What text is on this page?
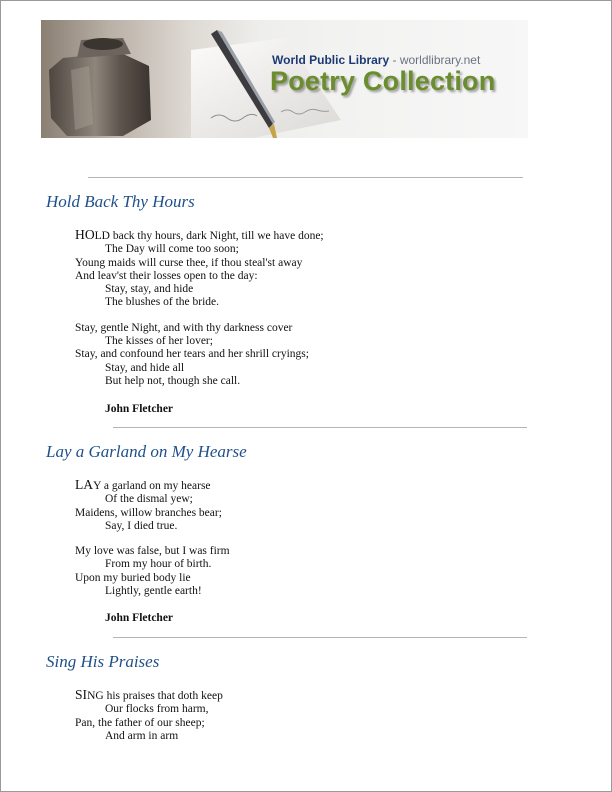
World Public Library - worldlibrary.net
Poetry Collection
Hold Back Thy Hours
HOLD back thy hours, dark Night, till we have done;
The Day will come too soon;
Young maids will curse thee, if thou steal'st away
And leav'st their losses open to the day:
Stay, stay, and hide
The blushes of the bride.
Stay, gentle Night, and with thy darkness cover
The kisses of her lover;
Stay, and confound her tears and her shrill cryings;
Stay, and hide all
But help not, though she call.
John Fletcher
Lay a Garland on My Hearse
LAY a garland on my hearse
Of the dismal yew;
Maidens, willow branches bear;
Say, I died true.
My love was false, but I was firm
From my hour of birth.
Upon my buried body lie
Lightly, gentle earth!
John Fletcher
Sing His Praises
SING his praises that doth keep
Our flocks from harm,
Pan, the father of our sheep;
And arm in arm
